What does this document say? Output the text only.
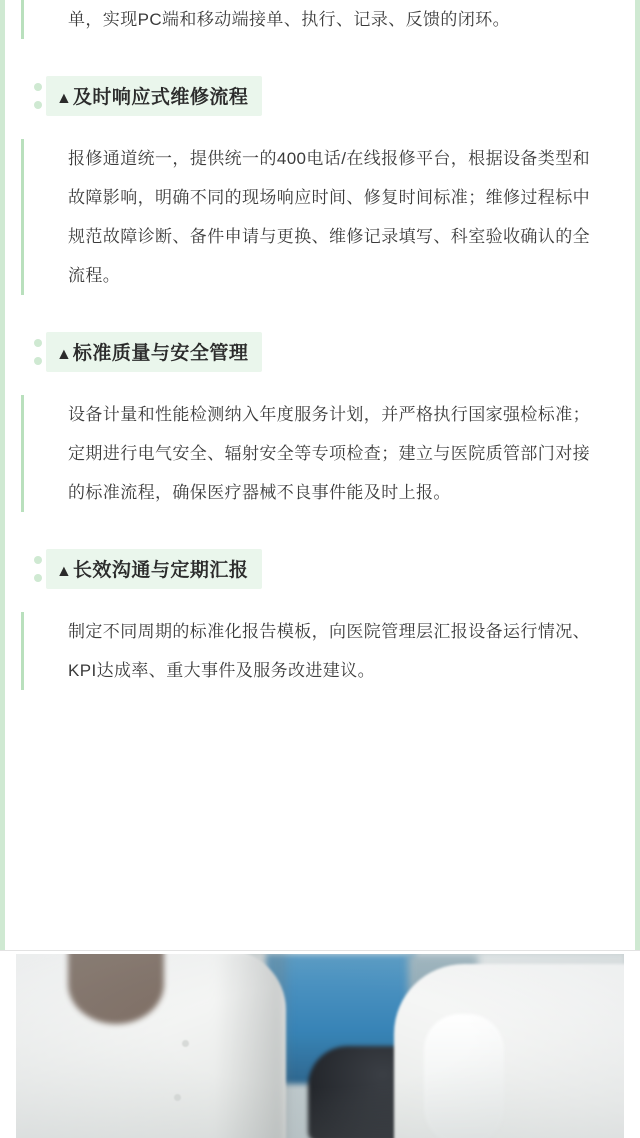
单，实现PC端和移动端接单、执行、记录、反馈的闭环。

▲及时响应式维修流程

报修通道统一，提供统一的400电话/在线报修平台，根据设备类型和故障影响，明确不同的现场响应时间、修复时间标准；维修过程标中规范故障诊断、备件申请与更换、维修记录填写、科室验收确认的全流程。

▲标准质量与安全管理

设备计量和性能检测纳入年度服务计划，并严格执行国家强检标准；定期进行电气安全、辐射安全等专项检查；建立与医院质管部门对接的标准流程，确保医疗器械不良事件能及时上报。

▲长效沟通与定期汇报

制定不同周期的标准化报告模板，向医院管理层汇报设备运行情况、KPI达成率、重大事件及服务改进建议。
